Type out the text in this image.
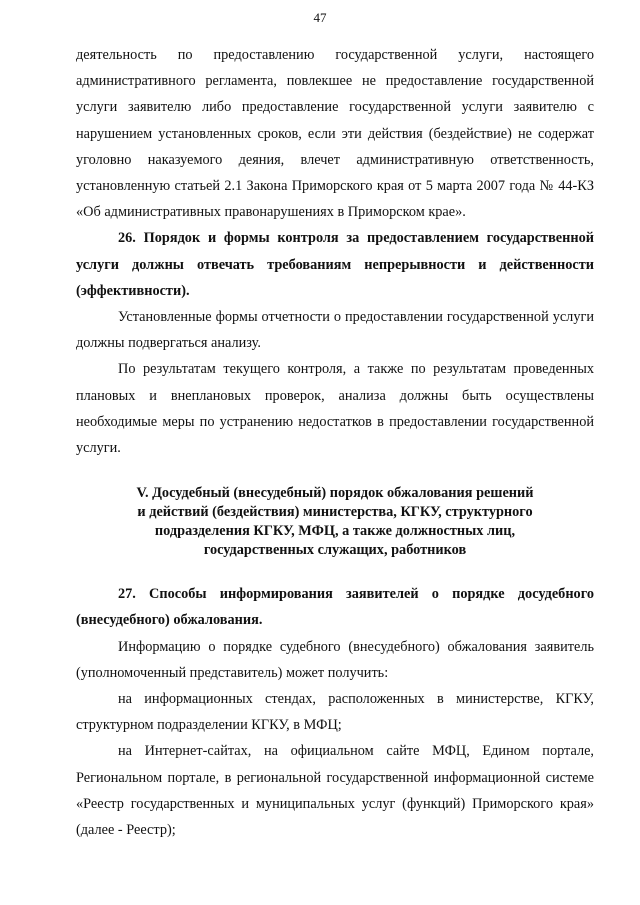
47

деятельность по предоставлению государственной услуги, настоящего административного регламента, повлекшее не предоставление государственной услуги заявителю либо предоставление государственной услуги заявителю с нарушением установленных сроков, если эти действия (бездействие) не содержат уголовно наказуемого деяния, влечет административную ответственность, установленную статьей 2.1 Закона Приморского края от 5 марта 2007 года № 44-КЗ «Об административных правонарушениях в Приморском крае».

26. Порядок и формы контроля за предоставлением государственной услуги должны отвечать требованиям непрерывности и действенности (эффективности).

Установленные формы отчетности о предоставлении государственной услуги должны подвергаться анализу.

По результатам текущего контроля, а также по результатам проведенных плановых и внеплановых проверок, анализа должны быть осуществлены необходимые меры по устранению недостатков в предоставлении государственной услуги.

V. Досудебный (внесудебный) порядок обжалования решений
и действий (бездействия) министерства, КГКУ, структурного
подразделения КГКУ, МФЦ, а также должностных лиц,
государственных служащих, работников

27. Способы информирования заявителей о порядке досудебного (внесудебного) обжалования.

Информацию о порядке судебного (внесудебного) обжалования заявитель (уполномоченный представитель) может получить:

на информационных стендах, расположенных в министерстве, КГКУ, структурном подразделении КГКУ, в МФЦ;

на Интернет-сайтах, на официальном сайте МФЦ, Едином портале, Региональном портале, в региональной государственной информационной системе «Реестр государственных и муниципальных услуг (функций) Приморского края» (далее - Реестр);
